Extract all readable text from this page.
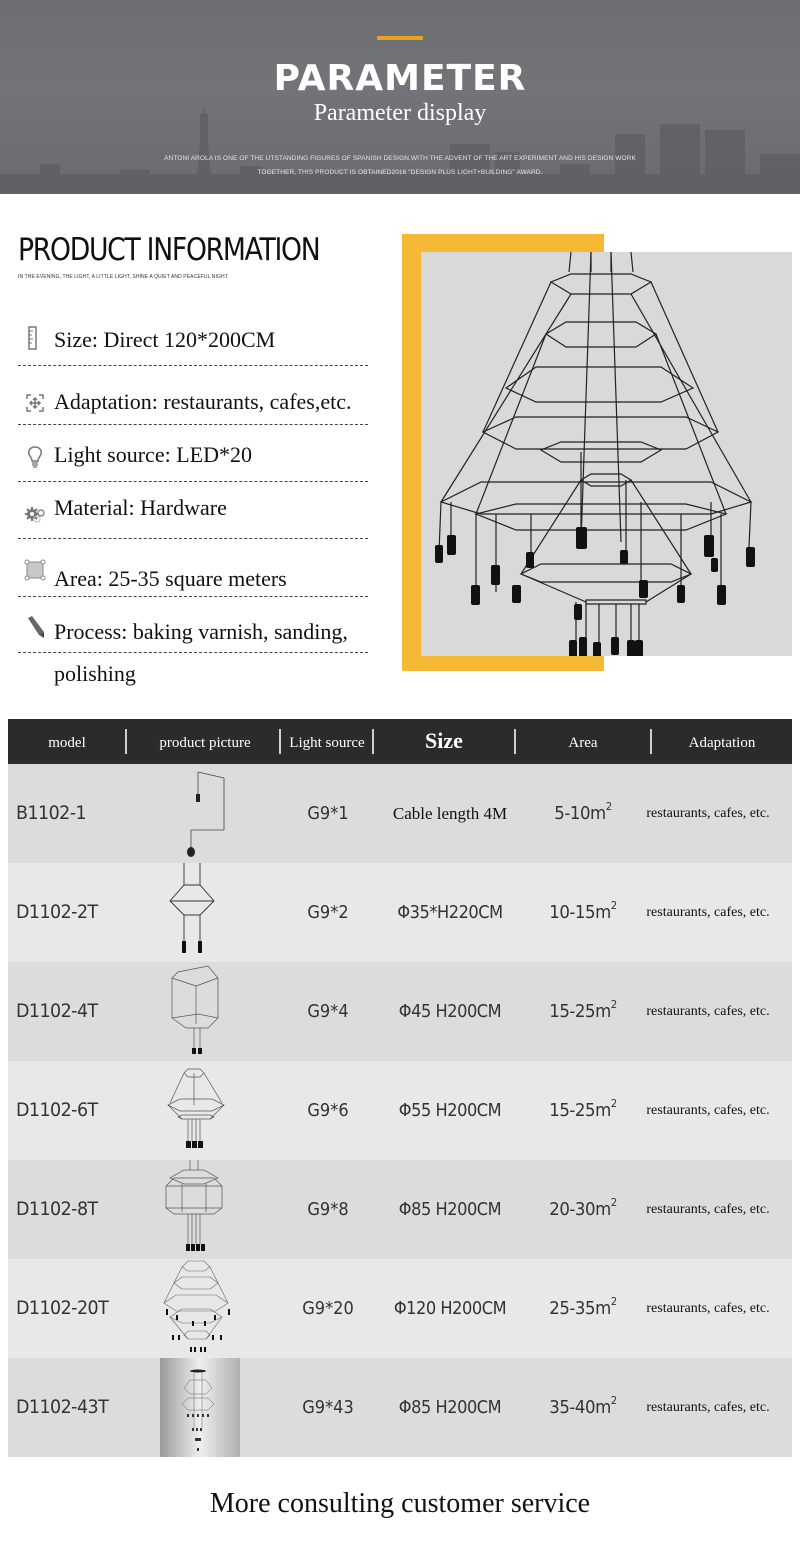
PARAMETER
Parameter display
ANTONI AROLA IS ONE OF THE UTSTANDING FIGURES OF SPANISH DESIGN,WITH THE ADVENT OF THE ART EXPERIMENT AND HIS DESIGN WORK
TOGETHER, THIS PRODUCT IS OBTAINED2016 "DESIGN PLUS LIGHT+BUILDING" AWARD.
PRODUCT INFORMATION
IN THE EVENING, THE LIGHT, A LITTLE LIGHT, SHINE A QUIET AND PEACEFUL NIGHT.
Size: Direct 120*200CM
Adaptation: restaurants, cafes,etc.
Light source: LED*20
Material: Hardware
Area: 25-35 square meters
Process: baking varnish, sanding,
polishing
model	product picture	Light source	Size	Area	Adaptation
B1102-1	G9*1	Cable length 4M	$5-10m^2$	restaurants, cafes, etc.
D1102-2T	G9*2	Φ35*H220CM	$10-15m^2$	restaurants, cafes, etc.
D1102-4T	G9*4	Φ45 H200CM	$15-25m^2$	restaurants, cafes, etc.
D1102-6T	G9*6	Φ55 H200CM	$15-25m^2$	restaurants, cafes, etc.
D1102-8T	G9*8	Φ85 H200CM	$20-30m^2$	restaurants, cafes, etc.
D1102-20T	G9*20	Φ120 H200CM	$25-35m^2$	restaurants, cafes, etc.
D1102-43T	G9*43	Φ85 H200CM	$35-40m^2$	restaurants, cafes, etc.
More consulting customer service
